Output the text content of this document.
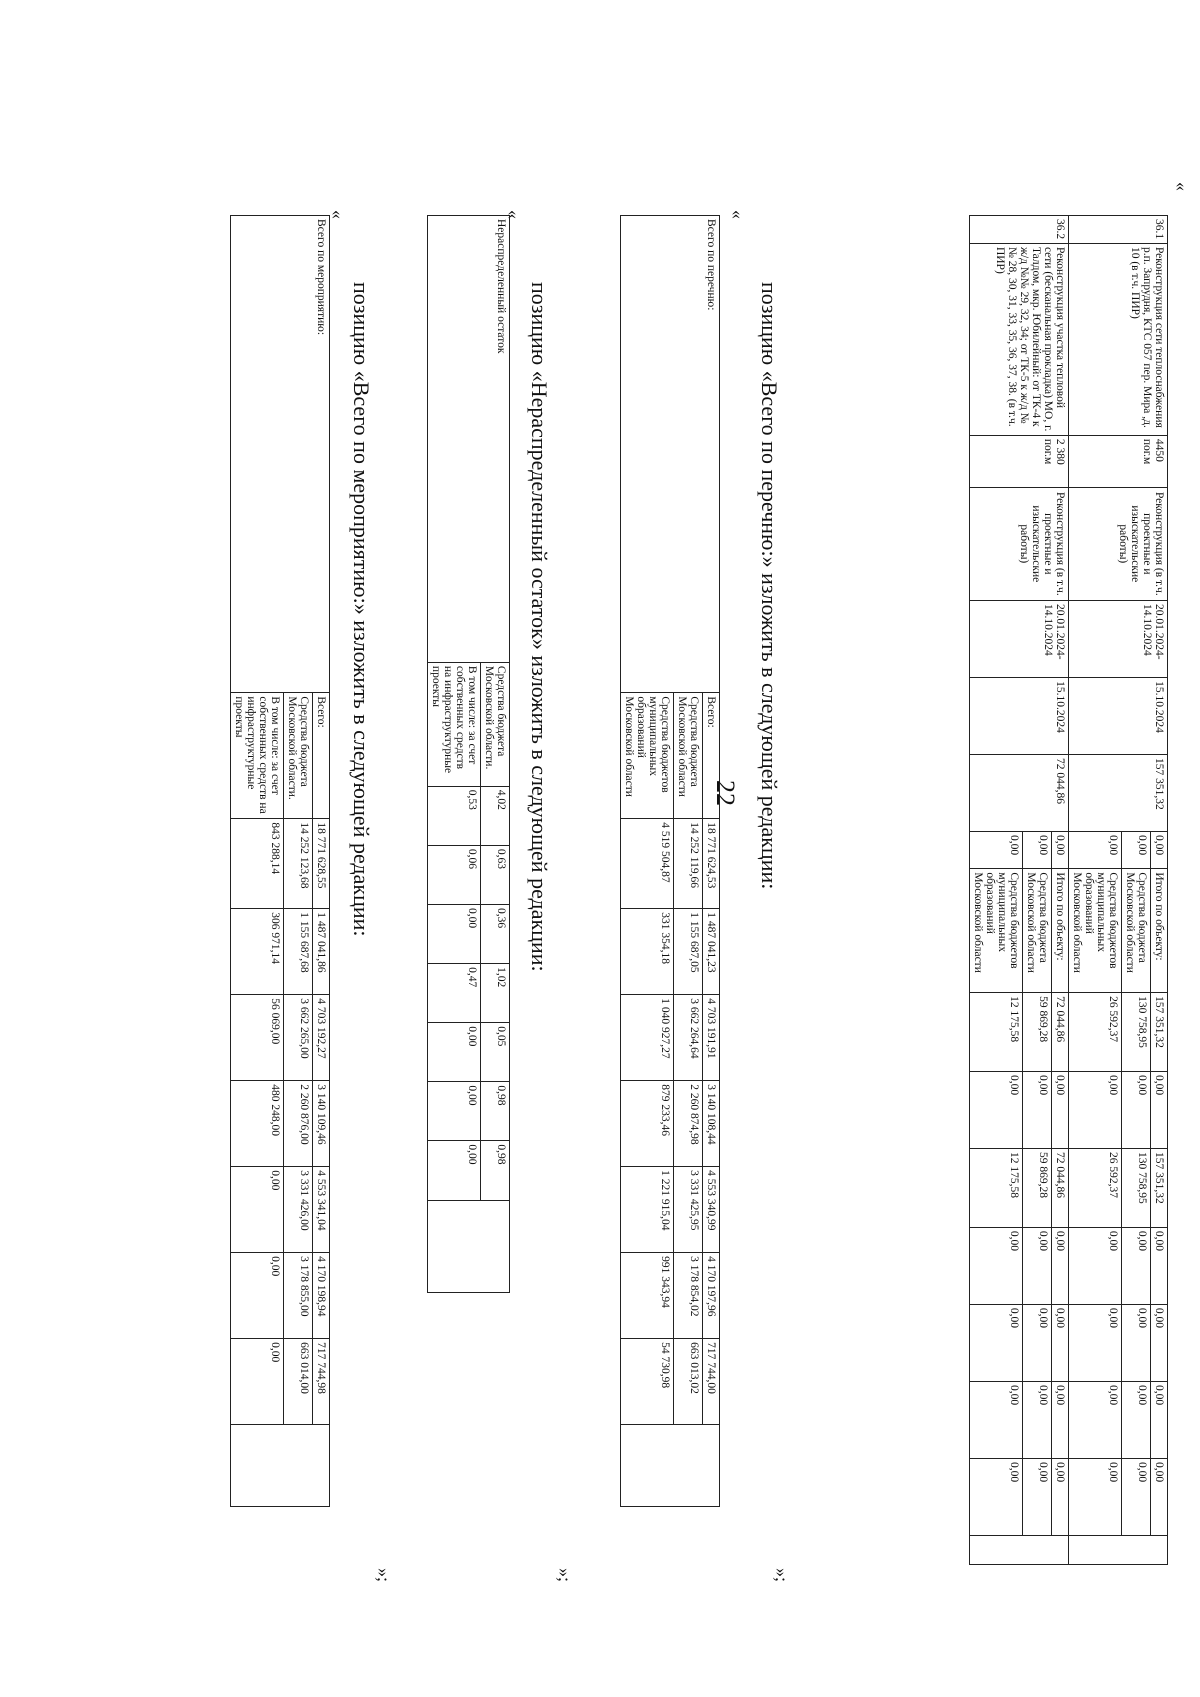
«
36.1	Реконструкция сети теплоснабжения р.п. Запрудня, КТС 057 пер. Мира ,д. 10 (в т.ч. ПИР)	4450 пог.м	Реконструкция (в т.ч. проектные и изыскательские работы)	20.01.2024-14.10.2024	15.10.2024	157 351,32	0,00	Итого по объекту:	157 351,32	0,00	157 351,32	0,00	0,00	0,00	0,00	
							0,00	Средства бюджета Московской области	130 758,95	0,00	130 758,95	0,00	0,00	0,00	0,00	
							0,00	Средства бюджетов муниципальных образований Московской области	26 592,37	0,00	26 592,37	0,00	0,00	0,00	0,00	
36.2	Реконструкция участка тепловой сети (бесканальная прокладка) МО, г. Талдом, мкр. Юбилейный: от ТК-4 к ж/д №№ 29, 32, 34; от ТК-5 к ж/д №№ 28, 30, 31, 33, 35, 36, 37, 38. (в т.ч. ПИР)	2 380 пог.м	Реконструкция (в т.ч. проектные и изыскательские работы)	20.01.2024-14.10.2024	15.10.2024	72 044,86	0,00	Итого по объекту:	72 044,86	0,00	72 044,86	0,00	0,00	0,00	0,00	
							0,00	Средства бюджета Московской области	59 869,28	0,00	59 869,28	0,00	0,00	0,00	0,00	
							0,00	Средства бюджетов муниципальных образований Московской области	12 175,58	0,00	12 175,58	0,00	0,00	0,00	0,00	
»;
позицию «Всего по перечню:» изложить в следующей редакции:
«
Всего по перечню:	Всего:	18 771 624,53	1 487 041,23	4 703 191,91	3 140 108,44	4 553 340,99	4 170 197,96	717 744,00	
	Средства бюджета Московской области	14 252 119,66	1 155 687,05	3 662 264,64	2 260 874,98	3 331 425,95	3 178 854,02	663 013,02	
	Средства бюджетов муниципальных образований Московской области	4 519 504,87	331 354,18	1 040 927,27	879 233,46	1 221 915,04	991 343,94	54 730,98	
»;
позицию «Нераспределенный остаток» изложить в следующей редакции:
«
Нераспределенный остаток	Средства бюджета Московской области.	4,02	0,63	0,36	1,02	0,05	0,98	0,98	
	В том числе: за счет собственных средств на инфраструктурные проекты	0,53	0,06	0,00	0,47	0,00	0,00	0,00	
»;
позицию «Всего по мероприятию:» изложить в следующей редакции:
«
Всего по мероприятию:	Всего:	18 771 628,55	1 487 041,86	4 703 192,27	3 140 109,46	4 553 341,04	4 170 198,94	717 744,98	
	Средства бюджета Московской области.	14 252 123,68	1 155 687,68	3 662 265,00	2 260 876,00	3 331 426,00	3 178 855,00	663 014,00	
	В том числе: за счет собственных средств на инфраструктурные проекты	843 288,14	306 971,14	56 069,00	480 248,00	0,00	0,00	0,00	
22
